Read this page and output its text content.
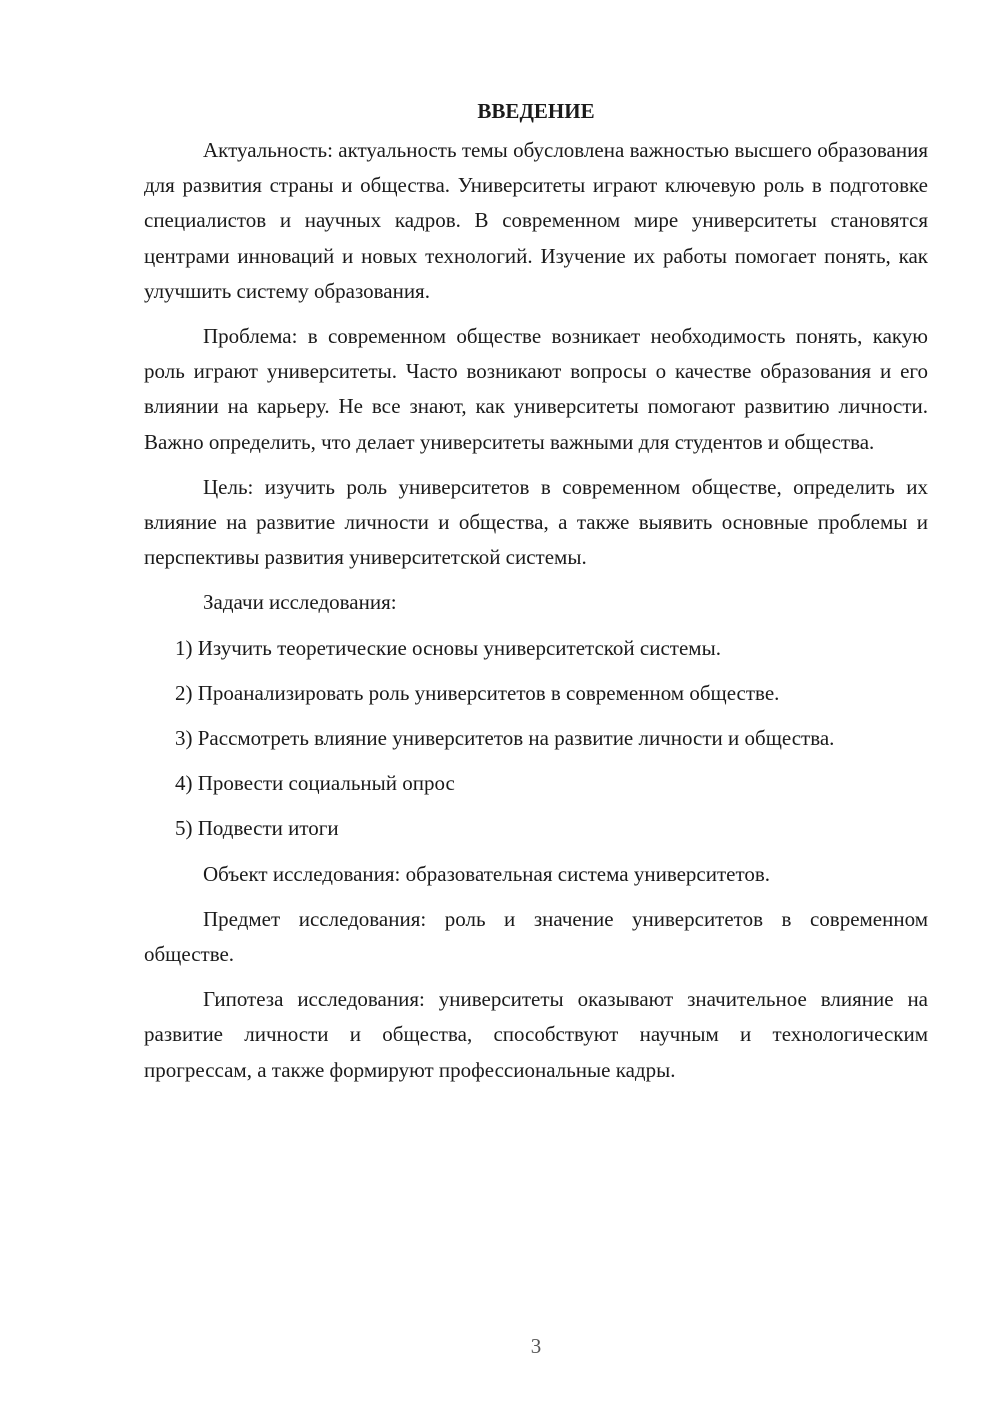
ВВЕДЕНИЕ

Актуальность: актуальность темы обусловлена важностью высшего образования для развития страны и общества. Университеты играют ключевую роль в подготовке специалистов и научных кадров. В современном мире университеты становятся центрами инноваций и новых технологий. Изучение их работы помогает понять, как улучшить систему образования.

Проблема: в современном обществе возникает необходимость понять, какую роль играют университеты. Часто возникают вопросы о качестве образования и его влиянии на карьеру. Не все знают, как университеты помогают развитию личности. Важно определить, что делает университеты важными для студентов и общества.

Цель: изучить роль университетов в современном обществе, определить их влияние на развитие личности и общества, а также выявить основные проблемы и перспективы развития университетской системы.

Задачи исследования:

1) Изучить теоретические основы университетской системы.

2) Проанализировать роль университетов в современном обществе.

3) Рассмотреть влияние университетов на развитие личности и общества.

4) Провести социальный опрос

5) Подвести итоги

Объект исследования: образовательная система университетов.

Предмет исследования: роль и значение университетов в современном обществе.

Гипотеза исследования: университеты оказывают значительное влияние на развитие личности и общества, способствуют научным и технологическим прогрессам, а также формируют профессиональные кадры.

3
